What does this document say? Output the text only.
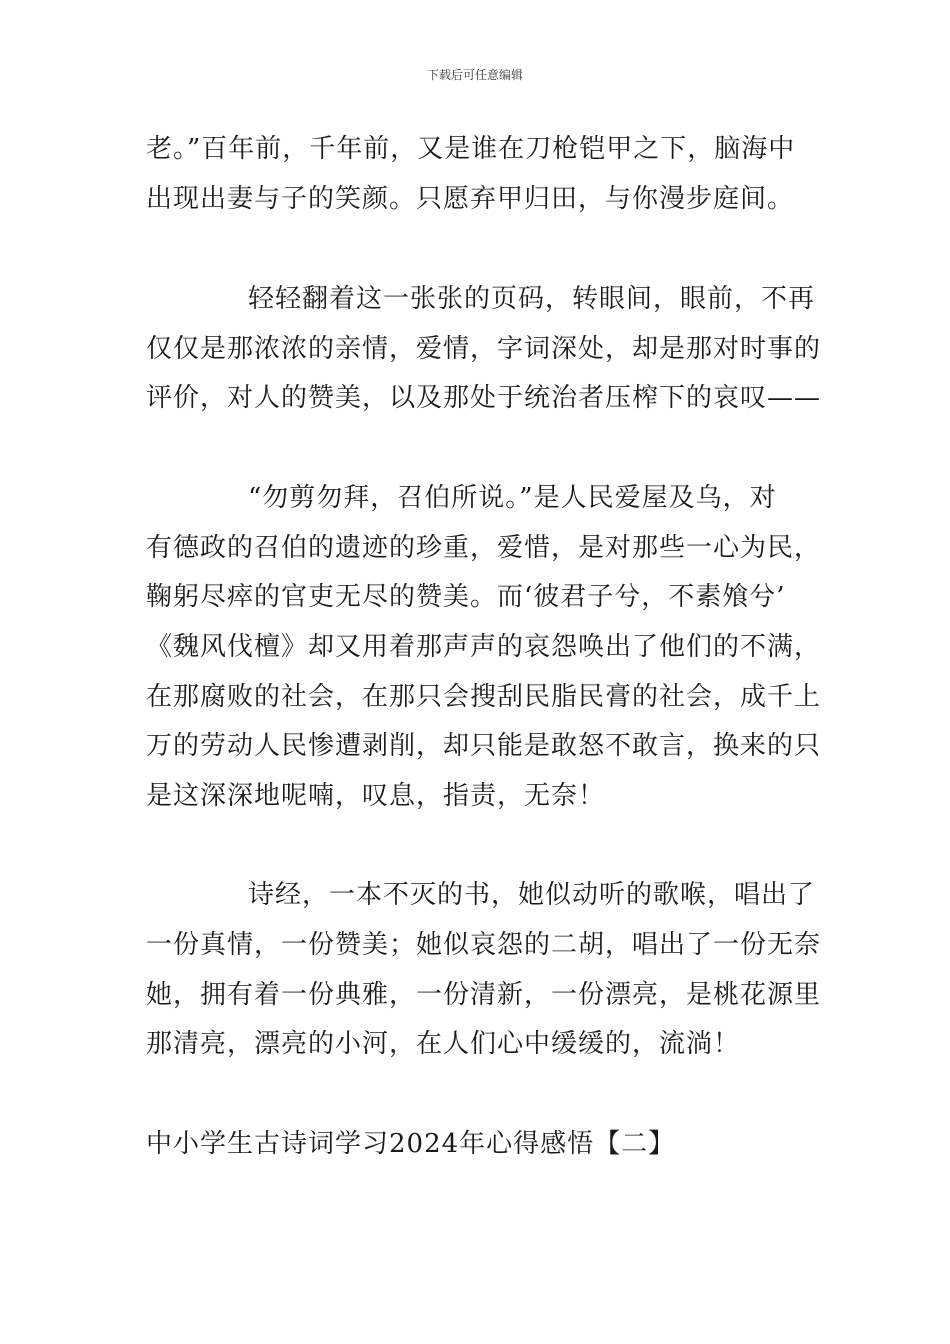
下载后可任意编辑
老。”百年前，千年前，又是谁在刀枪铠甲之下，脑海中
出现出妻与子的笑颜。只愿弃甲归田，与你漫步庭间。
轻轻翻着这一张张的页码，转眼间，眼前，不再
仅仅是那浓浓的亲情，爱情，字词深处，却是那对时事的
评价，对人的赞美，以及那处于统治者压榨下的哀叹——
“勿剪勿拜，召伯所说。”是人民爱屋及乌，对
有德政的召伯的遗迹的珍重，爱惜，是对那些一心为民，
鞠躬尽瘁的官吏无尽的赞美。而‘彼君子兮，不素飧兮’
《魏风伐檀》却又用着那声声的哀怨唤出了他们的不满，
在那腐败的社会，在那只会搜刮民脂民膏的社会，成千上
万的劳动人民惨遭剥削，却只能是敢怒不敢言，换来的只
是这深深地呢喃，叹息，指责，无奈！
诗经，一本不灭的书，她似动听的歌喉，唱出了
一份真情，一份赞美；她似哀怨的二胡，唱出了一份无奈
她，拥有着一份典雅，一份清新，一份漂亮，是桃花源里
那清亮，漂亮的小河，在人们心中缓缓的，流淌！
中小学生古诗词学习2024年心得感悟【二】
